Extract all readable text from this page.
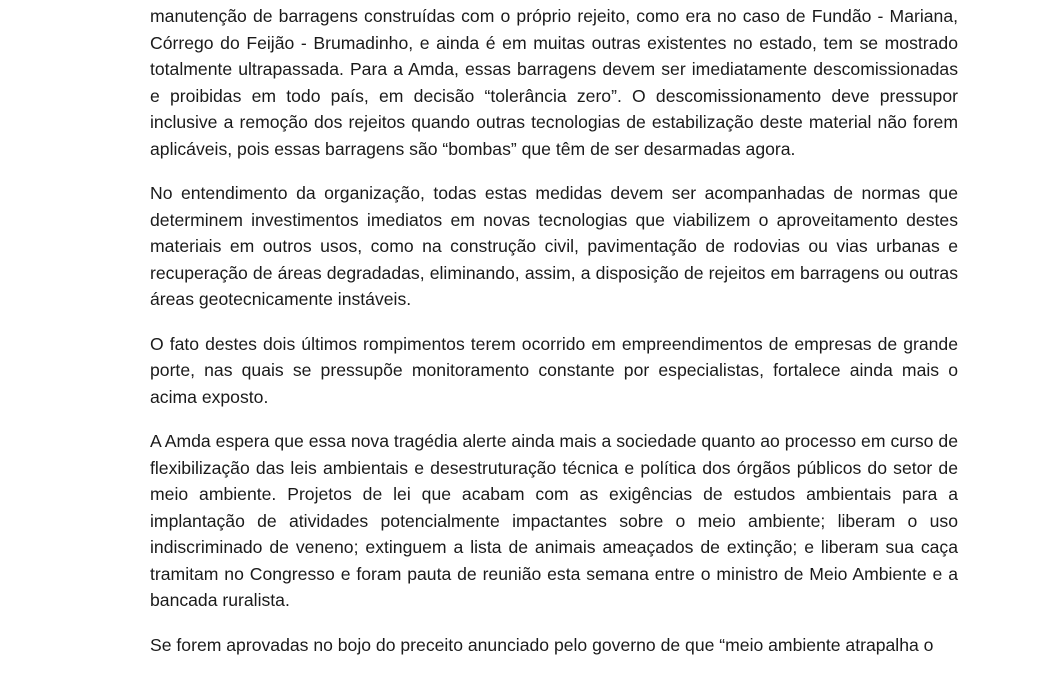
manutenção de barragens construídas com o próprio rejeito, como era no caso de Fundão - Mariana, Córrego do Feijão - Brumadinho, e ainda é em muitas outras existentes no estado, tem se mostrado totalmente ultrapassada. Para a Amda, essas barragens devem ser imediatamente descomissionadas e proibidas em todo país, em decisão “tolerância zero”. O descomissionamento deve pressupor inclusive a remoção dos rejeitos quando outras tecnologias de estabilização deste material não forem aplicáveis, pois essas barragens são “bombas” que têm de ser desarmadas agora.

No entendimento da organização, todas estas medidas devem ser acompanhadas de normas que determinem investimentos imediatos em novas tecnologias que viabilizem o aproveitamento destes materiais em outros usos, como na construção civil, pavimentação de rodovias ou vias urbanas e recuperação de áreas degradadas, eliminando, assim, a disposição de rejeitos em barragens ou outras áreas geotecnicamente instáveis.

O fato destes dois últimos rompimentos terem ocorrido em empreendimentos de empresas de grande porte, nas quais se pressupõe monitoramento constante por especialistas, fortalece ainda mais o acima exposto.

A Amda espera que essa nova tragédia alerte ainda mais a sociedade quanto ao processo em curso de flexibilização das leis ambientais e desestruturação técnica e política dos órgãos públicos do setor de meio ambiente. Projetos de lei que acabam com as exigências de estudos ambientais para a implantação de atividades potencialmente impactantes sobre o meio ambiente; liberam o uso indiscriminado de veneno; extinguem a lista de animais ameaçados de extinção; e liberam sua caça tramitam no Congresso e foram pauta de reunião esta semana entre o ministro de Meio Ambiente e a bancada ruralista.

Se forem aprovadas no bojo do preceito anunciado pelo governo de que “meio ambiente atrapalha o
